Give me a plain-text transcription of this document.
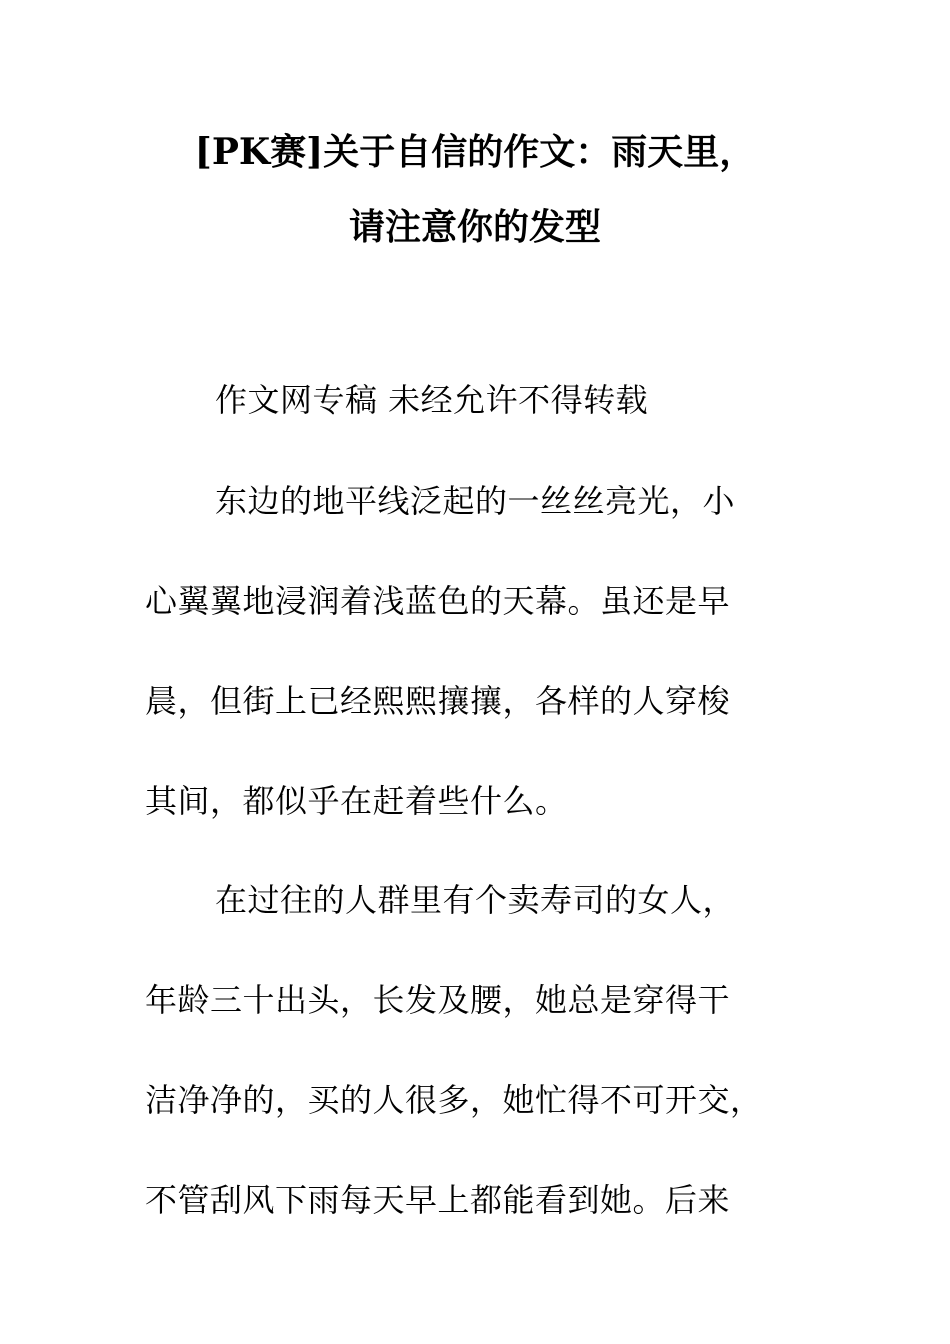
[PK赛]关于自信的作文：雨天里，
请注意你的发型
作文网专稿 未经允许不得转载
东边的地平线泛起的一丝丝亮光，小
心翼翼地浸润着浅蓝色的天幕。虽还是早
晨，但街上已经熙熙攘攘，各样的人穿梭
其间，都似乎在赶着些什么。
在过往的人群里有个卖寿司的女人，
年龄三十出头，长发及腰，她总是穿得干
洁净净的，买的人很多，她忙得不可开交，
不管刮风下雨每天早上都能看到她。后来
